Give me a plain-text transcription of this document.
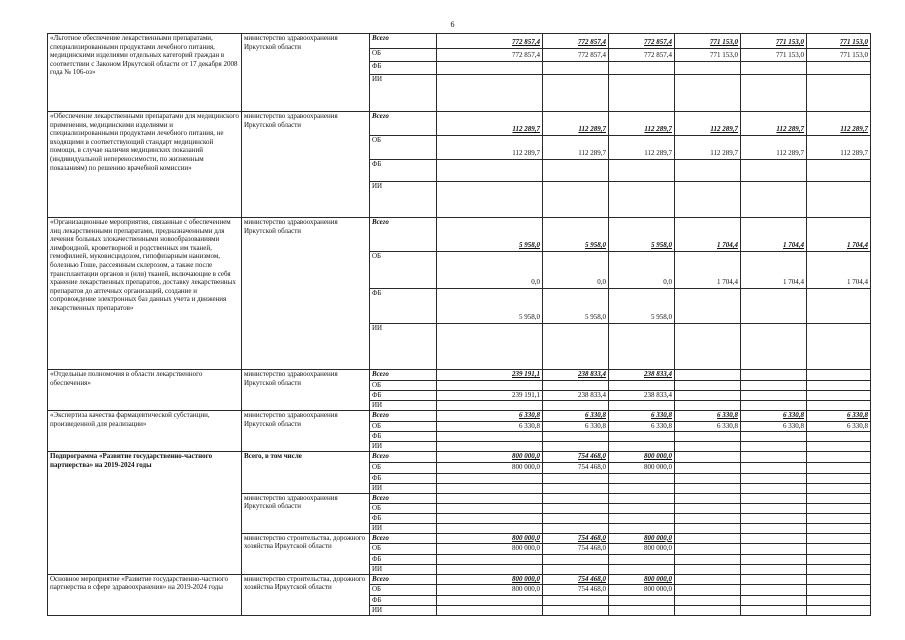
6
«Льготное обеспечение лекарственными препаратами, специализированными продуктами лечебного питания, медицинскими изделиями отдельных категорий граждан в соответствии с Законом Иркутской области от 17 декабря 2008 года № 106-оз»	министерство здравоохранения Иркутской области	Всего	772 857,4	772 857,4	772 857,4	771 153,0	771 153,0	771 153,0
		ОБ	772 857,4	772 857,4	772 857,4	771 153,0	771 153,0	771 153,0
		ФБ						
		ИИ						
«Обеспечение лекарственными препаратами для медицинского применения, медицинскими изделиями и специализированными продуктами лечебного питания, не входящими в соответствующий стандарт медицинской помощи, в случае наличия медицинских показаний (индивидуальной непереносимости, по жизненным показаниям) по решению врачебной комиссии»	министерство здравоохранения Иркутской области	Всего	112 289,7	112 289,7	112 289,7	112 289,7	112 289,7	112 289,7
		ОБ	112 289,7	112 289,7	112 289,7	112 289,7	112 289,7	112 289,7
		ФБ						
		ИИ						
«Организационные мероприятия, связанные с обеспечением лиц лекарственными препаратами, предназначенными для лечения больных злокачественными новообразованиями лимфоидной, кроветворной и родственных им тканей, гемофилией, муковисцидозом, гипофизарным нанизмом, болезнью Гоше, рассеянным склерозом, а также после трансплантации органов и (или) тканей, включающие в себя хранение лекарственных препаратов, доставку лекарственных препаратов до аптечных организаций, создание и сопровождение электронных баз данных учета и движения лекарственных препаратов»	министерство здравоохранения Иркутской области	Всего	5 958,0	5 958,0	5 958,0	1 704,4	1 704,4	1 704,4
		ОБ	0,0	0,0	0,0	1 704,4	1 704,4	1 704,4
		ФБ	5 958,0	5 958,0	5 958,0			
		ИИ						
«Отдельные полномочия в области лекарственного обеспечения»	министерство здравоохранения Иркутской области	Всего	239 191,1	238 833,4	238 833,4			
		ОБ						
		ФБ	239 191,1	238 833,4	238 833,4			
		ИИ						
«Экспертиза качества фармацевтической субстанции, произведенной для реализации»	министерство здравоохранения Иркутской области	Всего	6 330,8	6 330,8	6 330,8	6 330,8	6 330,8	6 330,8
		ОБ	6 330,8	6 330,8	6 330,8	6 330,8	6 330,8	6 330,8
		ФБ						
		ИИ						
Подпрограмма «Развитие государственно-частного партнерства» на 2019-2024 годы	Всего, в том числе	Всего	800 000,0	754 468,0	800 000,0			
		ОБ	800 000,0	754 468,0	800 000,0			
		ФБ						
		ИИ						
	министерство здравоохранения Иркутской области	Всего						
		ОБ						
		ФБ						
		ИИ						
	министерство строительства, дорожного хозяйства Иркутской области	Всего	800 000,0	754 468,0	800 000,0			
		ОБ	800 000,0	754 468,0	800 000,0			
		ФБ						
		ИИ						
Основное мероприятие «Развитие государственно-частного партнерства в сфере здравоохранения» на 2019-2024 годы	министерство строительства, дорожного хозяйства Иркутской области	Всего	800 000,0	754 468,0	800 000,0			
		ОБ	800 000,0	754 468,0	800 000,0			
		ФБ						
		ИИ						
